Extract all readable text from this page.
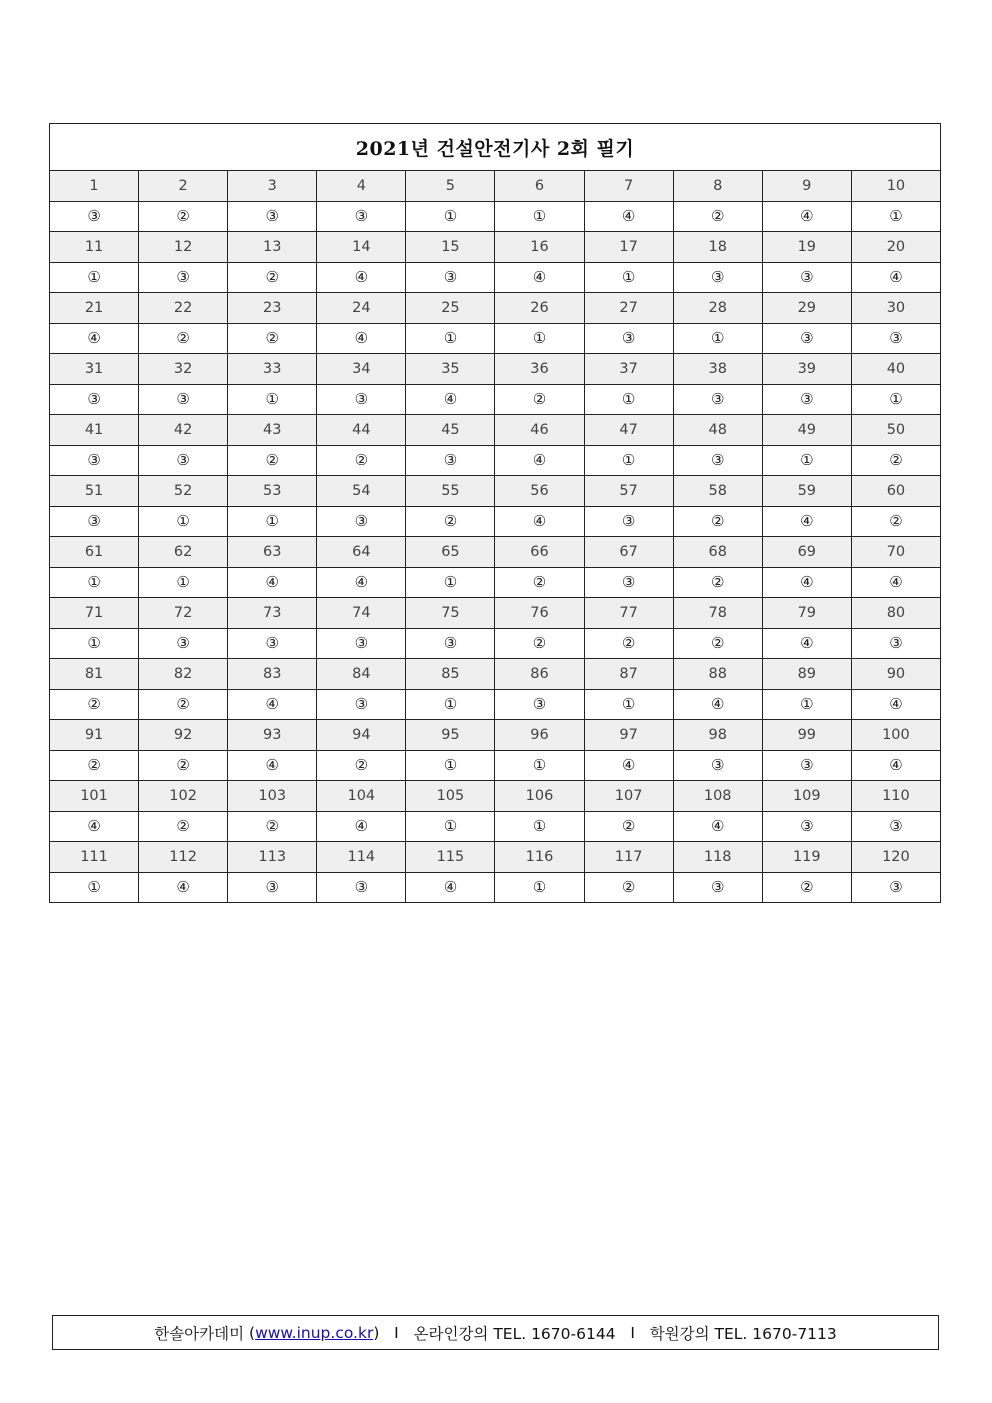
2021년 건설안전기사 2회 필기									
1	2	3	4	5	6	7	8	9	10
③	②	③	③	①	①	④	②	④	①
11	12	13	14	15	16	17	18	19	20
①	③	②	④	③	④	①	③	③	④
21	22	23	24	25	26	27	28	29	30
④	②	②	④	①	①	③	①	③	③
31	32	33	34	35	36	37	38	39	40
③	③	①	③	④	②	①	③	③	①
41	42	43	44	45	46	47	48	49	50
③	③	②	②	③	④	①	③	①	②
51	52	53	54	55	56	57	58	59	60
③	①	①	③	②	④	③	②	④	②
61	62	63	64	65	66	67	68	69	70
①	①	④	④	①	②	③	②	④	④
71	72	73	74	75	76	77	78	79	80
①	③	③	③	③	②	②	②	④	③
81	82	83	84	85	86	87	88	89	90
②	②	④	③	①	③	①	④	①	④
91	92	93	94	95	96	97	98	99	100
②	②	④	②	①	①	④	③	③	④
101	102	103	104	105	106	107	108	109	110
④	②	②	④	①	①	②	④	③	③
111	112	113	114	115	116	117	118	119	120
①	④	③	③	④	①	②	③	②	③
한솔아카데미 ( www.inup.co.kr ) I 온라인강의 TEL. 1670-6144 I 학원강의 TEL. 1670-7113
